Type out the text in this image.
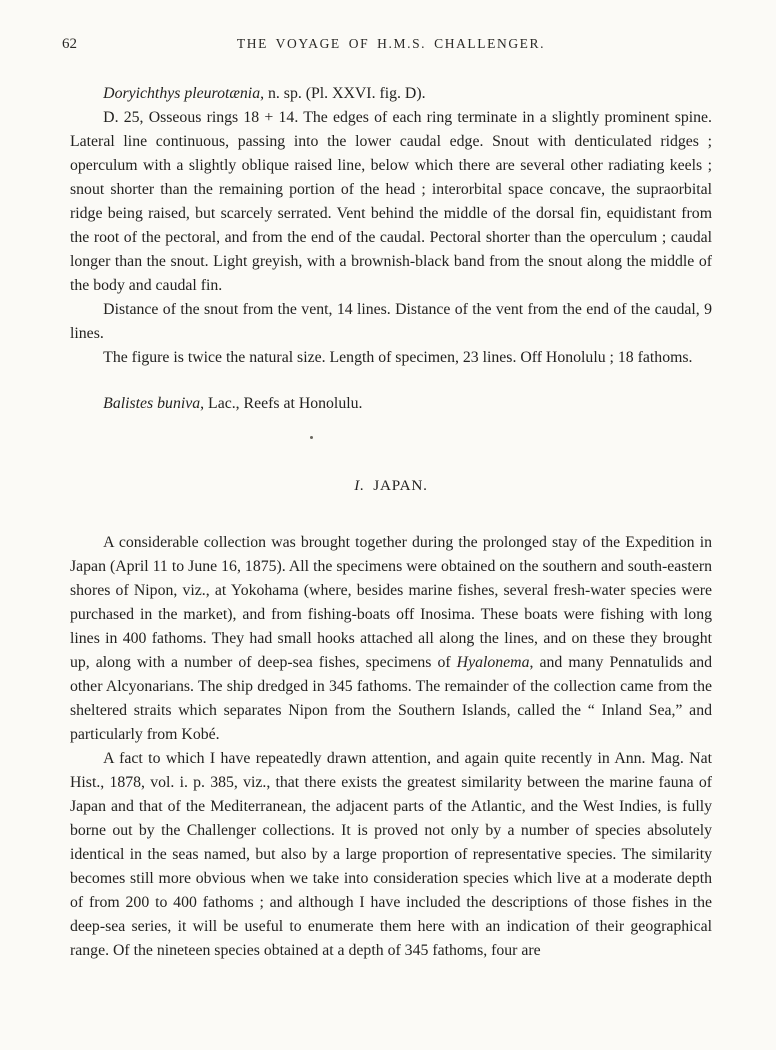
62	THE VOYAGE OF H.M.S. CHALLENGER.

Doryichthys pleurotænia, n. sp. (Pl. XXVI. fig. D).

D. 25, Osseous rings 18 + 14. The edges of each ring terminate in a slightly prominent spine. Lateral line continuous, passing into the lower caudal edge. Snout with denticulated ridges ; operculum with a slightly oblique raised line, below which there are several other radiating keels ; snout shorter than the remaining portion of the head ; interorbital space concave, the supraorbital ridge being raised, but scarcely serrated. Vent behind the middle of the dorsal fin, equidistant from the root of the pectoral, and from the end of the caudal. Pectoral shorter than the operculum ; caudal longer than the snout. Light greyish, with a brownish-black band from the snout along the middle of the body and caudal fin.

Distance of the snout from the vent, 14 lines. Distance of the vent from the end of the caudal, 9 lines.

The figure is twice the natural size. Length of specimen, 23 lines. Off Honolulu ; 18 fathoms.

Balistes buniva, Lac., Reefs at Honolulu.

I. JAPAN.

A considerable collection was brought together during the prolonged stay of the Expedition in Japan (April 11 to June 16, 1875). All the specimens were obtained on the southern and south-eastern shores of Nipon, viz., at Yokohama (where, besides marine fishes, several fresh-water species were purchased in the market), and from fishing-boats off Inosima. These boats were fishing with long lines in 400 fathoms. They had small hooks attached all along the lines, and on these they brought up, along with a number of deep-sea fishes, specimens of Hyalonema, and many Pennatulids and other Alcyonarians. The ship dredged in 345 fathoms. The remainder of the collection came from the sheltered straits which separates Nipon from the Southern Islands, called the “ Inland Sea,” and particularly from Kobé.

A fact to which I have repeatedly drawn attention, and again quite recently in Ann. Mag. Nat Hist., 1878, vol. i. p. 385, viz., that there exists the greatest similarity between the marine fauna of Japan and that of the Mediterranean, the adjacent parts of the Atlantic, and the West Indies, is fully borne out by the Challenger collections. It is proved not only by a number of species absolutely identical in the seas named, but also by a large proportion of representative species. The similarity becomes still more obvious when we take into consideration species which live at a moderate depth of from 200 to 400 fathoms ; and although I have included the descriptions of those fishes in the deep-sea series, it will be useful to enumerate them here with an indication of their geographical range. Of the nineteen species obtained at a depth of 345 fathoms, four are
